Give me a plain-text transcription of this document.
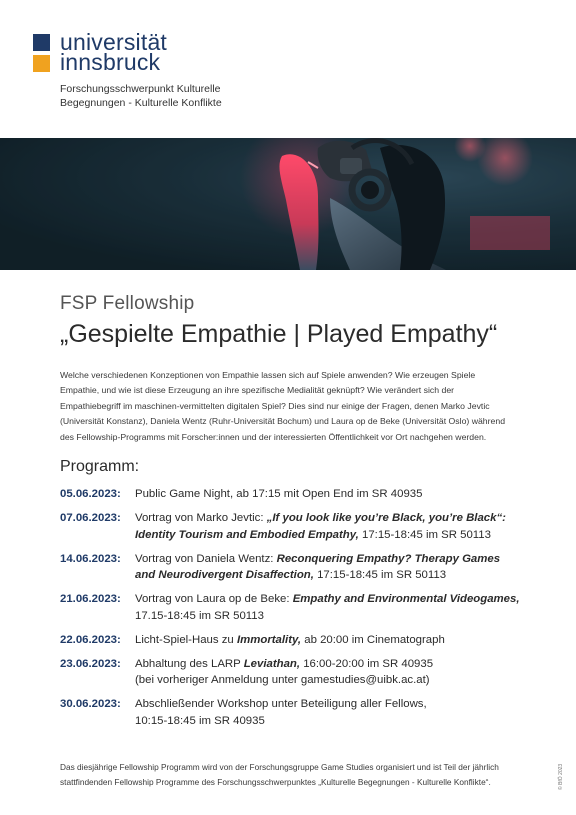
universität
innsbruck
Forschungsschwerpunkt Kulturelle
Begegnungen - Kulturelle Konflikte
FSP Fellowship
„Gespielte Empathie | Played Empathy“
Welche verschiedenen Konzeptionen von Empathie lassen sich auf Spiele anwenden? Wie erzeugen Spiele
Empathie, und wie ist diese Erzeugung an ihre spezifische Medialität geknüpft? Wie verändert sich der
Empathiebegriff im maschinen-vermittelten digitalen Spiel? Dies sind nur einige der Fragen, denen Marko Jevtic
(Universität Konstanz), Daniela Wentz (Ruhr-Universität Bochum) und Laura op de Beke (Universität Oslo) während
des Fellowship-Programms mit Forscher:innen und der interessierten Öffentlichkeit vor Ort nachgehen werden.
Programm:
05.06.2023: Public Game Night, ab 17:15 mit Open End im SR 40935
07.06.2023: Vortrag von Marko Jevtic: „If you look like you’re Black, you’re Black“:
Identity Tourism and Embodied Empathy, 17:15-18:45 im SR 50113
14.06.2023: Vortrag von Daniela Wentz: Reconquering Empathy? Therapy Games
and Neurodivergent Disaffection, 17:15-18:45 im SR 50113
21.06.2023: Vortrag von Laura op de Beke: Empathy and Environmental Videogames,
17.15-18:45 im SR 50113
22.06.2023: Licht-Spiel-Haus zu Immortality, ab 20:00 im Cinematograph
23.06.2023: Abhaltung des LARP Leviathan, 16:00-20:00 im SR 40935
(bei vorheriger Anmeldung unter gamestudies@uibk.ac.at)
30.06.2023: Abschließender Workshop unter Beteiligung aller Fellows,
10:15-18:45 im SR 40935
Das diesjährige Fellowship Programm wird von der Forschungsgruppe Game Studies organisiert und ist Teil der jährlich
stattfindenden Fellowship Programme des Forschungsschwerpunktes „Kulturelle Begegnungen - Kulturelle Konflikte“.	© BfÖ 2023
